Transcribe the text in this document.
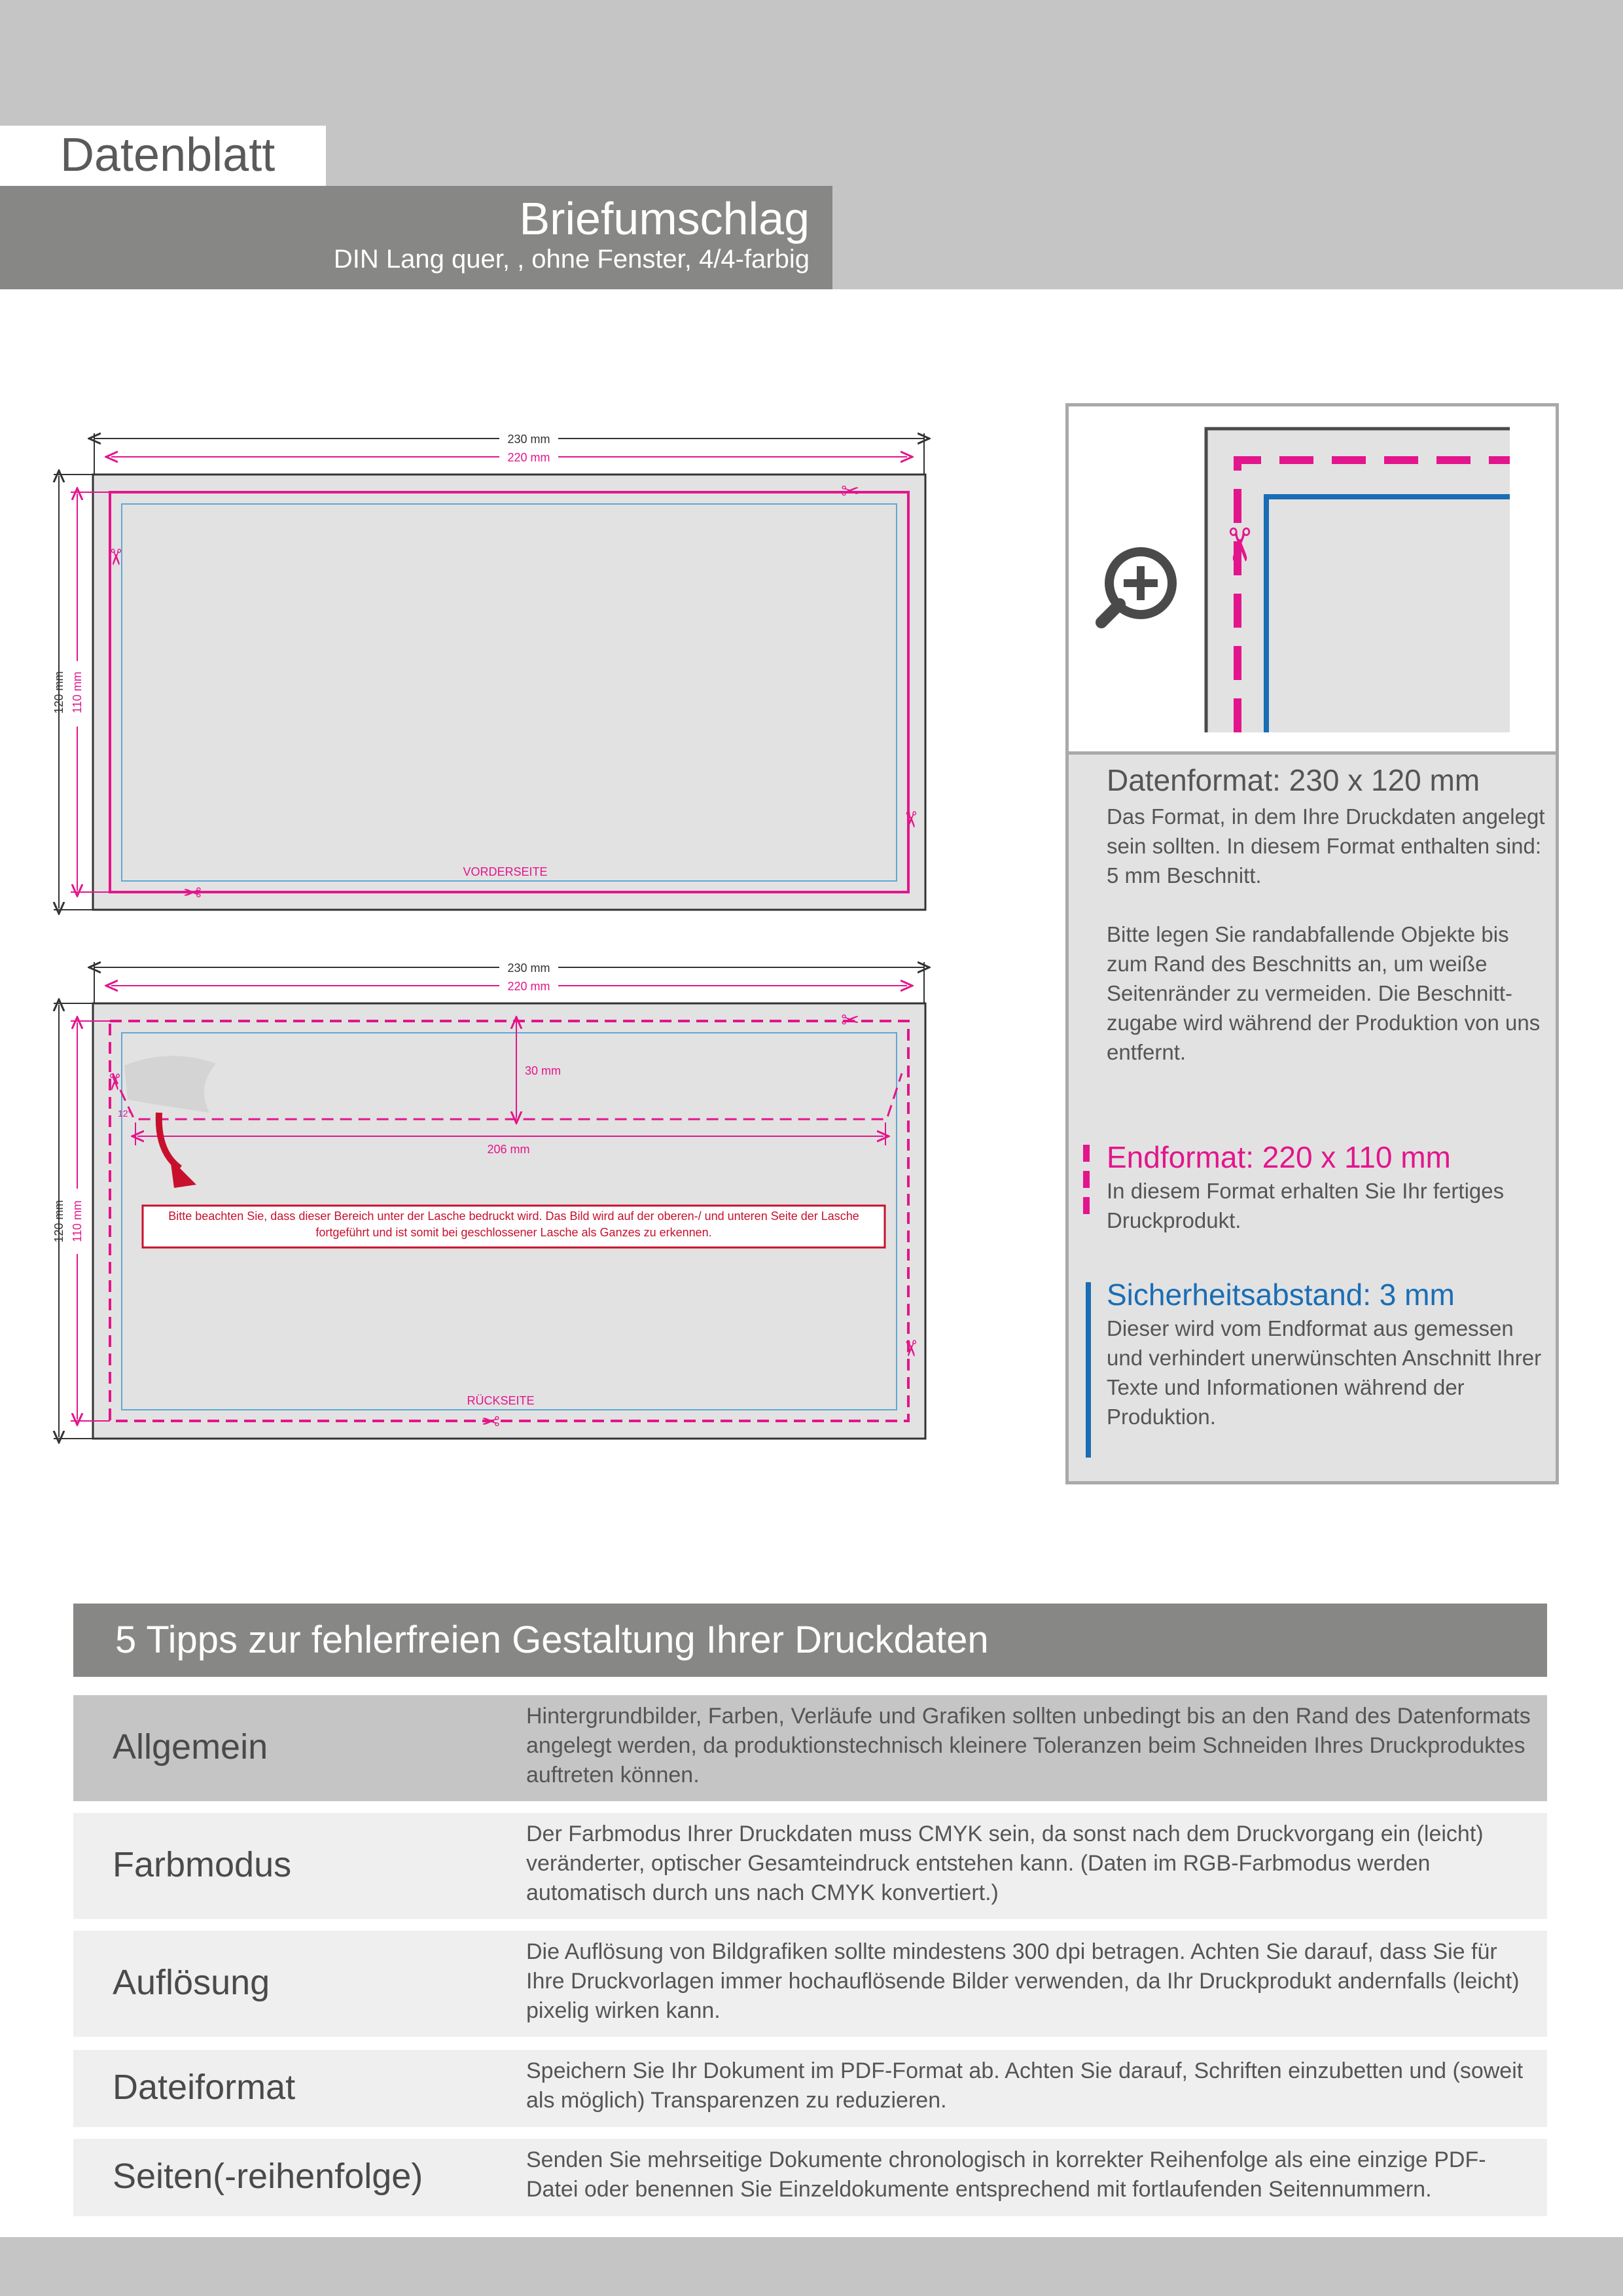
Datenblatt
Briefumschlag
DIN Lang quer, , ohne Fenster, 4/4-farbig
230 mm
220 mm
120 mm 110 mm
VORDERSEITE
✂
✂
✂
✂
230 mm
220 mm
120 mm 110 mm
30 mm
206 mm
12°
Bitte beachten Sie, dass dieser Bereich unter der Lasche bedruckt wird. Das Bild wird auf der oberen-/ und unteren Seite der Lasche fortgeführt und ist somit bei geschlossener Lasche als Ganzes zu erkennen.
RÜCKSEITE
✂
✂
✂
✂
✂
Datenformat: 230 x 120 mm
Das Format, in dem Ihre Druckdaten angelegt sein sollten. In diesem Format enthalten sind: 5 mm Beschnitt.
Bitte legen Sie randabfallende Objekte bis zum Rand des Beschnitts an, um weiße Seitenränder zu vermeiden. Die Beschnitt-zugabe wird während der Produktion von uns entfernt.
Endformat: 220 x 110 mm
In diesem Format erhalten Sie Ihr fertiges Druckprodukt.
Sicherheitsabstand: 3 mm
Dieser wird vom Endformat aus gemessen und verhindert unerwünschten Anschnitt Ihrer Texte und Informationen während der Produktion.
5 Tipps zur fehlerfreien Gestaltung Ihrer Druckdaten
Allgemein
Hintergrundbilder, Farben, Verläufe und Grafiken sollten unbedingt bis an den Rand des Datenformats angelegt werden, da produktionstechnisch kleinere Toleranzen beim Schneiden Ihres Druckproduktes auftreten können.
Farbmodus
Der Farbmodus Ihrer Druckdaten muss CMYK sein, da sonst nach dem Druckvorgang ein (leicht) veränderter, optischer Gesamteindruck entstehen kann. (Daten im RGB-Farbmodus werden automatisch durch uns nach CMYK konvertiert.)
Auflösung
Die Auflösung von Bildgrafiken sollte mindestens 300 dpi betragen. Achten Sie darauf, dass Sie für Ihre Druckvorlagen immer hochauflösende Bilder verwenden, da Ihr Druckprodukt andernfalls (leicht) pixelig wirken kann.
Dateiformat	Speichern Sie Ihr Dokument im PDF-Format ab. Achten Sie darauf, Schriften einzubetten und (soweit als möglich) Transparenzen zu reduzieren.
Seiten(-reihenfolge)	Senden Sie mehrseitige Dokumente chronologisch in korrekter Reihenfolge als eine einzige PDF-Datei oder benennen Sie Einzeldokumente entsprechend mit fortlaufenden Seitennummern.
